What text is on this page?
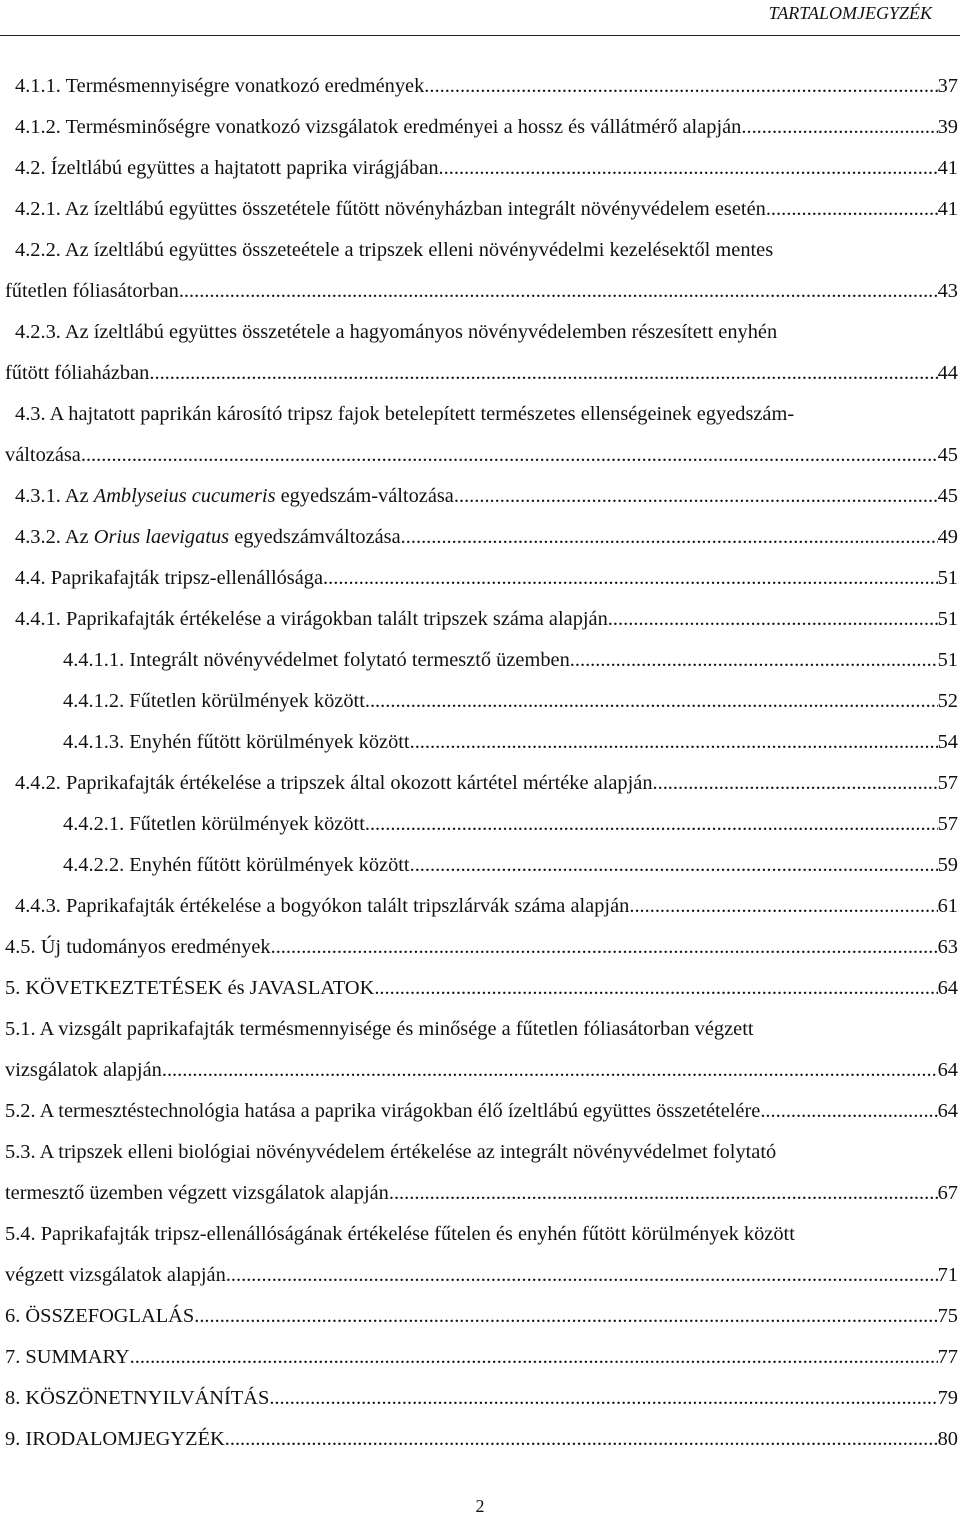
TARTALOMJEGYZÉK
4.1.1. Termésmennyiségre vonatkozó eredmények .....	37
4.1.2. Termésminőségre vonatkozó vizsgálatok eredményei a hossz és vállátmérő alapján .....	39
4.2. Ízeltlábú együttes a hajtatott paprika virágjában .....	41
4.2.1. Az ízeltlábú együttes összetétele fűtött növényházban integrált növényvédelem esetén .....	41
4.2.2. Az ízeltlábú együttes összeteétele a tripszek elleni növényvédelmi kezelésektől mentes
fűtetlen fóliasátorban .....	43
4.2.3. Az ízeltlábú együttes összetétele a hagyományos növényvédelemben részesített enyhén
fűtött fóliaházban .....	44
4.3. A hajtatott paprikán károsító tripsz fajok betelepített természetes ellenségeinek egyedszám-
változása .....	45
4.3.1. Az Amblyseius cucumeris egyedszám-változása .....	45
4.3.2. Az Orius laevigatus egyedszámváltozása .....	49
4.4. Paprikafajták tripsz-ellenállósága .....	51
4.4.1. Paprikafajták értékelése a virágokban talált tripszek száma alapján .....	51
4.4.1.1. Integrált növényvédelmet folytató termesztő üzemben .....	51
4.4.1.2. Fűtetlen körülmények között .....	52
4.4.1.3. Enyhén fűtött körülmények között .....	54
4.4.2. Paprikafajták értékelése a tripszek által okozott kártétel mértéke alapján .....	57
4.4.2.1. Fűtetlen körülmények között .....	57
4.4.2.2. Enyhén fűtött körülmények között .....	59
4.4.3. Paprikafajták értékelése a bogyókon talált tripszlárvák száma alapján .....	61
4.5. Új tudományos eredmények .....	63
5. KÖVETKEZTETÉSEK és JAVASLATOK .....	64
5.1. A vizsgált paprikafajták termésmennyisége és minősége a fűtetlen fóliasátorban végzett
vizsgálatok alapján .....	64
5.2. A termesztéstechnológia hatása a paprika virágokban élő ízeltlábú együttes összetételére .....	64
5.3. A tripszek elleni biológiai növényvédelem értékelése az integrált növényvédelmet folytató
termesztő üzemben végzett vizsgálatok alapján .....	67
5.4. Paprikafajták tripsz-ellenállóságának értékelése fűtelen és enyhén fűtött körülmények között
végzett vizsgálatok alapján .....	71
6. ÖSSZEFOGLALÁS .....	75
7. SUMMARY .....	77
8. KÖSZÖNETNYILVÁNÍTÁS .....	79
9. IRODALOMJEGYZÉK .....	80
2
